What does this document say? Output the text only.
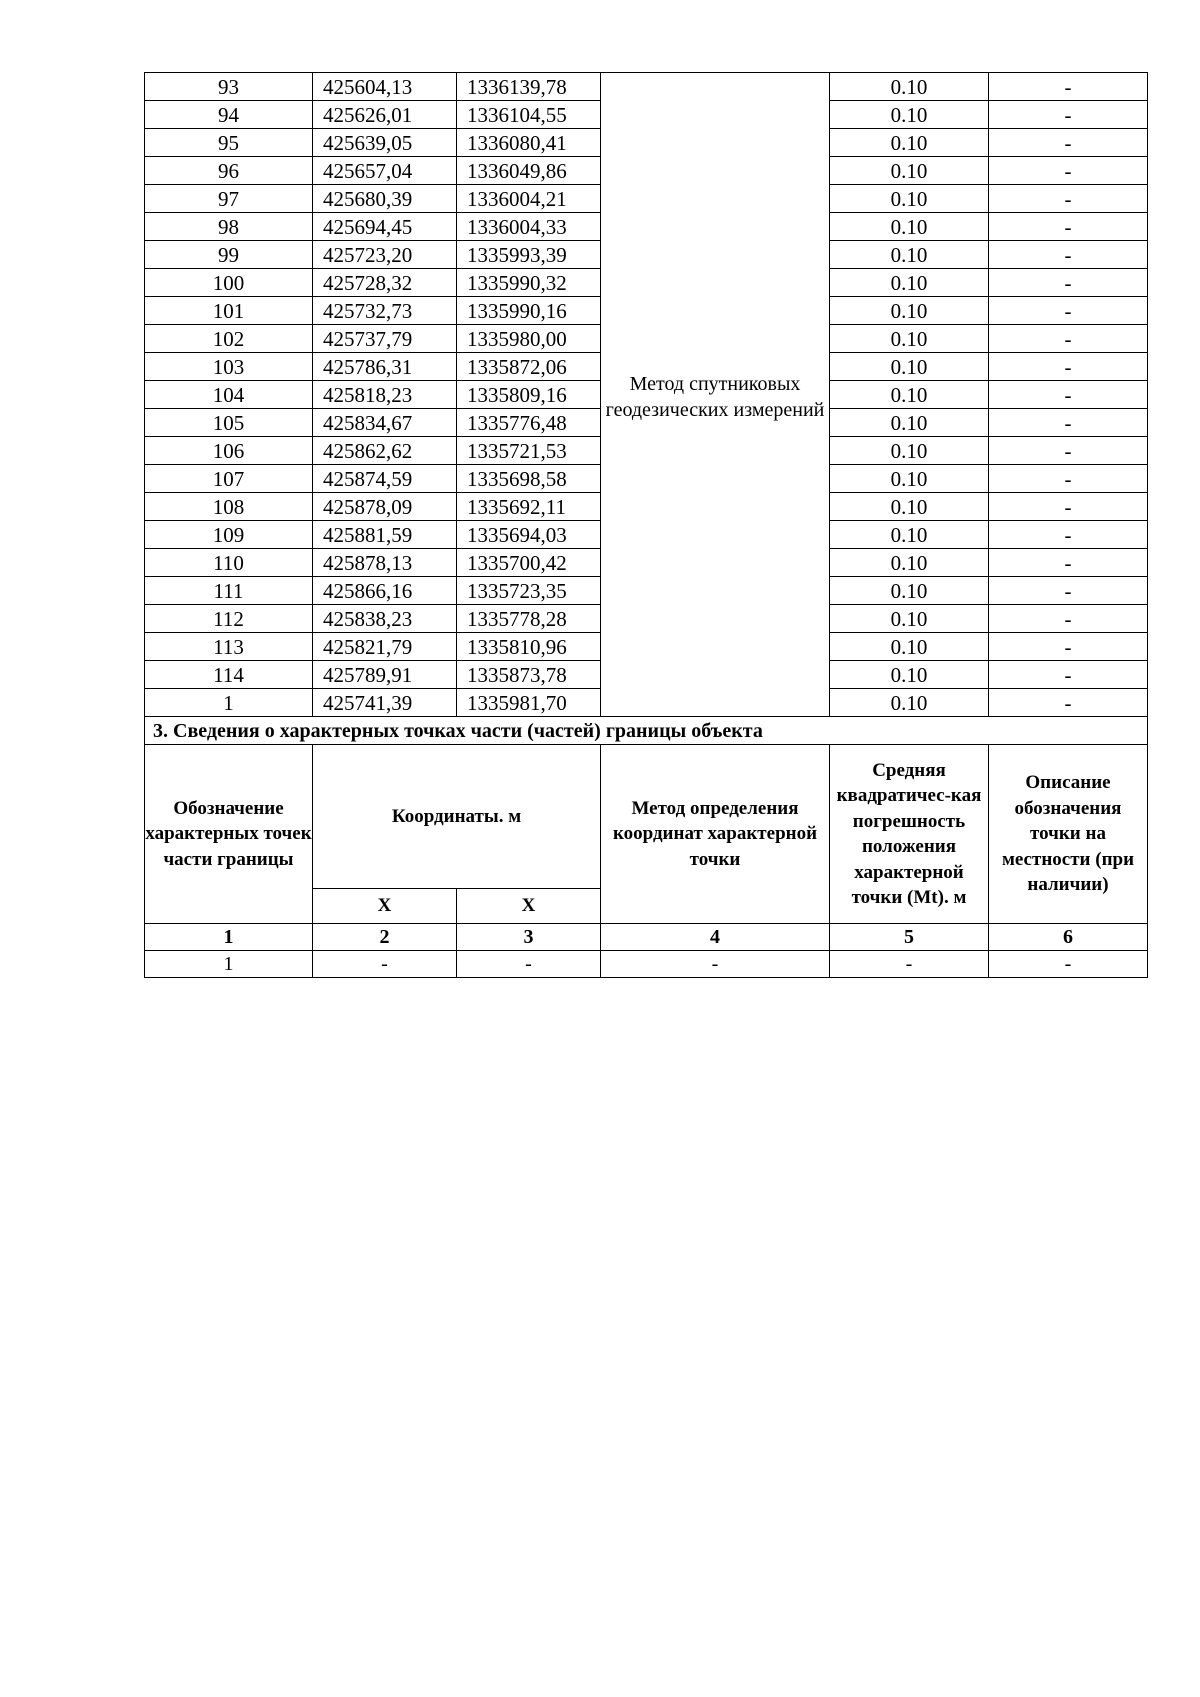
93	425604,13	1336139,78	Метод спутниковых геодезических измерений	0.10	-
94	425626,01	1336104,55		0.10	-
95	425639,05	1336080,41		0.10	-
96	425657,04	1336049,86		0.10	-
97	425680,39	1336004,21		0.10	-
98	425694,45	1336004,33		0.10	-
99	425723,20	1335993,39		0.10	-
100	425728,32	1335990,32		0.10	-
101	425732,73	1335990,16		0.10	-
102	425737,79	1335980,00		0.10	-
103	425786,31	1335872,06		0.10	-
104	425818,23	1335809,16		0.10	-
105	425834,67	1335776,48		0.10	-
106	425862,62	1335721,53		0.10	-
107	425874,59	1335698,58		0.10	-
108	425878,09	1335692,11		0.10	-
109	425881,59	1335694,03		0.10	-
110	425878,13	1335700,42		0.10	-
111	425866,16	1335723,35		0.10	-
112	425838,23	1335778,28		0.10	-
113	425821,79	1335810,96		0.10	-
114	425789,91	1335873,78		0.10	-
1	425741,39	1335981,70		0.10	-
3. Сведения о характерных точках части (частей) границы объекта					
Обозначение характерных точек части границы	Координаты. м		Метод определения координат характерной точки	Средняя квадратичес-кая погрешность положения характерной точки (Mt). м	Описание обозначения точки на местности (при наличии)
	X	X			
1	2	3	4	5	6
1	-	-	-	-	-
